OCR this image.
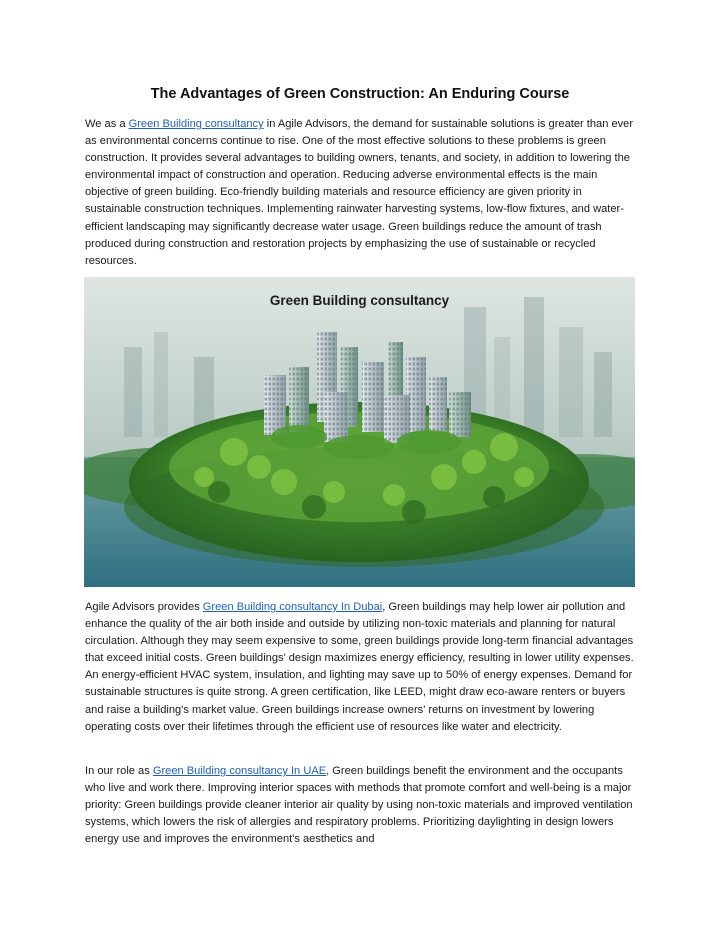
The Advantages of Green Construction: An Enduring Course

We as a Green Building consultancy in Agile Advisors, the demand for sustainable solutions is greater than ever as environmental concerns continue to rise. One of the most effective solutions to these problems is green construction. It provides several advantages to building owners, tenants, and society, in addition to lowering the environmental impact of construction and operation. Reducing adverse environmental effects is the main objective of green building. Eco-friendly building materials and resource efficiency are given priority in sustainable construction techniques. Implementing rainwater harvesting systems, low-flow fixtures, and water-efficient landscaping may significantly decrease water usage. Green buildings reduce the amount of trash produced during construction and restoration projects by emphasizing the use of sustainable or recycled resources.

Green Building consultancy

Agile Advisors provides Green Building consultancy In Dubai, Green buildings may help lower air pollution and enhance the quality of the air both inside and outside by utilizing non-toxic materials and planning for natural circulation. Although they may seem expensive to some, green buildings provide long-term financial advantages that exceed initial costs. Green buildings' design maximizes energy efficiency, resulting in lower utility expenses. An energy-efficient HVAC system, insulation, and lighting may save up to 50% of energy expenses. Demand for sustainable structures is quite strong. A green certification, like LEED, might draw eco-aware renters or buyers and raise a building's market value. Green buildings increase owners' returns on investment by lowering operating costs over their lifetimes through the efficient use of resources like water and electricity.

In our role as Green Building consultancy In UAE, Green buildings benefit the environment and the occupants who live and work there. Improving interior spaces with methods that promote comfort and well-being is a major priority: Green buildings provide cleaner interior air quality by using non-toxic materials and improved ventilation systems, which lowers the risk of allergies and respiratory problems. Prioritizing daylighting in design lowers energy use and improves the environment's aesthetics and
